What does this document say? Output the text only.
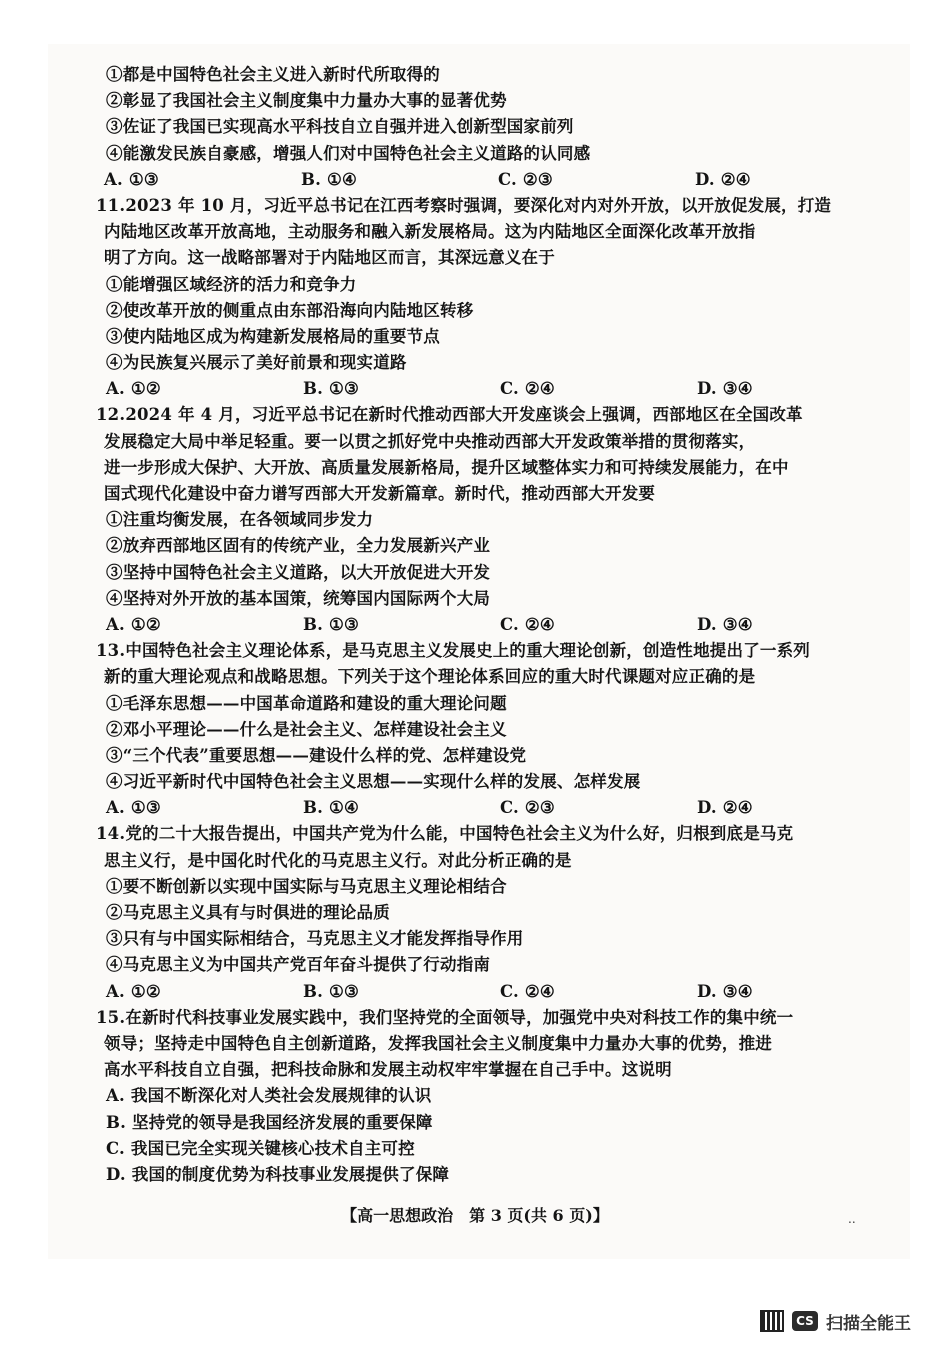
①都是中国特色社会主义进入新时代所取得的
②彰显了我国社会主义制度集中力量办大事的显著优势
③佐证了我国已实现高水平科技自立自强并进入创新型国家前列
④能激发民族自豪感，增强人们对中国特色社会主义道路的认同感
A. ①③	B. ①④	C. ②③	D. ②④
11.2023 年 10 月，习近平总书记在江西考察时强调，要深化对内对外开放，以开放促发展，打造
内陆地区改革开放高地，主动服务和融入新发展格局。这为内陆地区全面深化改革开放指
明了方向。这一战略部署对于内陆地区而言，其深远意义在于
①能增强区域经济的活力和竞争力
②使改革开放的侧重点由东部沿海向内陆地区转移
③使内陆地区成为构建新发展格局的重要节点
④为民族复兴展示了美好前景和现实道路
A. ①②	B. ①③	C. ②④	D. ③④
12.2024 年 4 月，习近平总书记在新时代推动西部大开发座谈会上强调，西部地区在全国改革
发展稳定大局中举足轻重。要一以贯之抓好党中央推动西部大开发政策举措的贯彻落实，
进一步形成大保护、大开放、高质量发展新格局，提升区域整体实力和可持续发展能力，在中
国式现代化建设中奋力谱写西部大开发新篇章。新时代，推动西部大开发要
①注重均衡发展，在各领域同步发力
②放弃西部地区固有的传统产业，全力发展新兴产业
③坚持中国特色社会主义道路，以大开放促进大开发
④坚持对外开放的基本国策，统筹国内国际两个大局
A. ①②	B. ①③	C. ②④	D. ③④
13.中国特色社会主义理论体系，是马克思主义发展史上的重大理论创新，创造性地提出了一系列
新的重大理论观点和战略思想。下列关于这个理论体系回应的重大时代课题对应正确的是
①毛泽东思想——中国革命道路和建设的重大理论问题
②邓小平理论——什么是社会主义、怎样建设社会主义
③“三个代表”重要思想——建设什么样的党、怎样建设党
④习近平新时代中国特色社会主义思想——实现什么样的发展、怎样发展
A. ①③	B. ①④	C. ②③	D. ②④
14.党的二十大报告提出，中国共产党为什么能，中国特色社会主义为什么好，归根到底是马克
思主义行，是中国化时代化的马克思主义行。对此分析正确的是
①要不断创新以实现中国实际与马克思主义理论相结合
②马克思主义具有与时俱进的理论品质
③只有与中国实际相结合，马克思主义才能发挥指导作用
④马克思主义为中国共产党百年奋斗提供了行动指南
A. ①②	B. ①③	C. ②④	D. ③④
15.在新时代科技事业发展实践中，我们坚持党的全面领导，加强党中央对科技工作的集中统一
领导；坚持走中国特色自主创新道路，发挥我国社会主义制度集中力量办大事的优势，推进
高水平科技自立自强，把科技命脉和发展主动权牢牢掌握在自己手中。这说明
A. 我国不断深化对人类社会发展规律的认识
B. 坚持党的领导是我国经济发展的重要保障
C. 我国已完全实现关键核心技术自主可控
D. 我国的制度优势为科技事业发展提供了保障
【高一思想政治　第 3 页(共 6 页)】	..
CS 扫描全能王
